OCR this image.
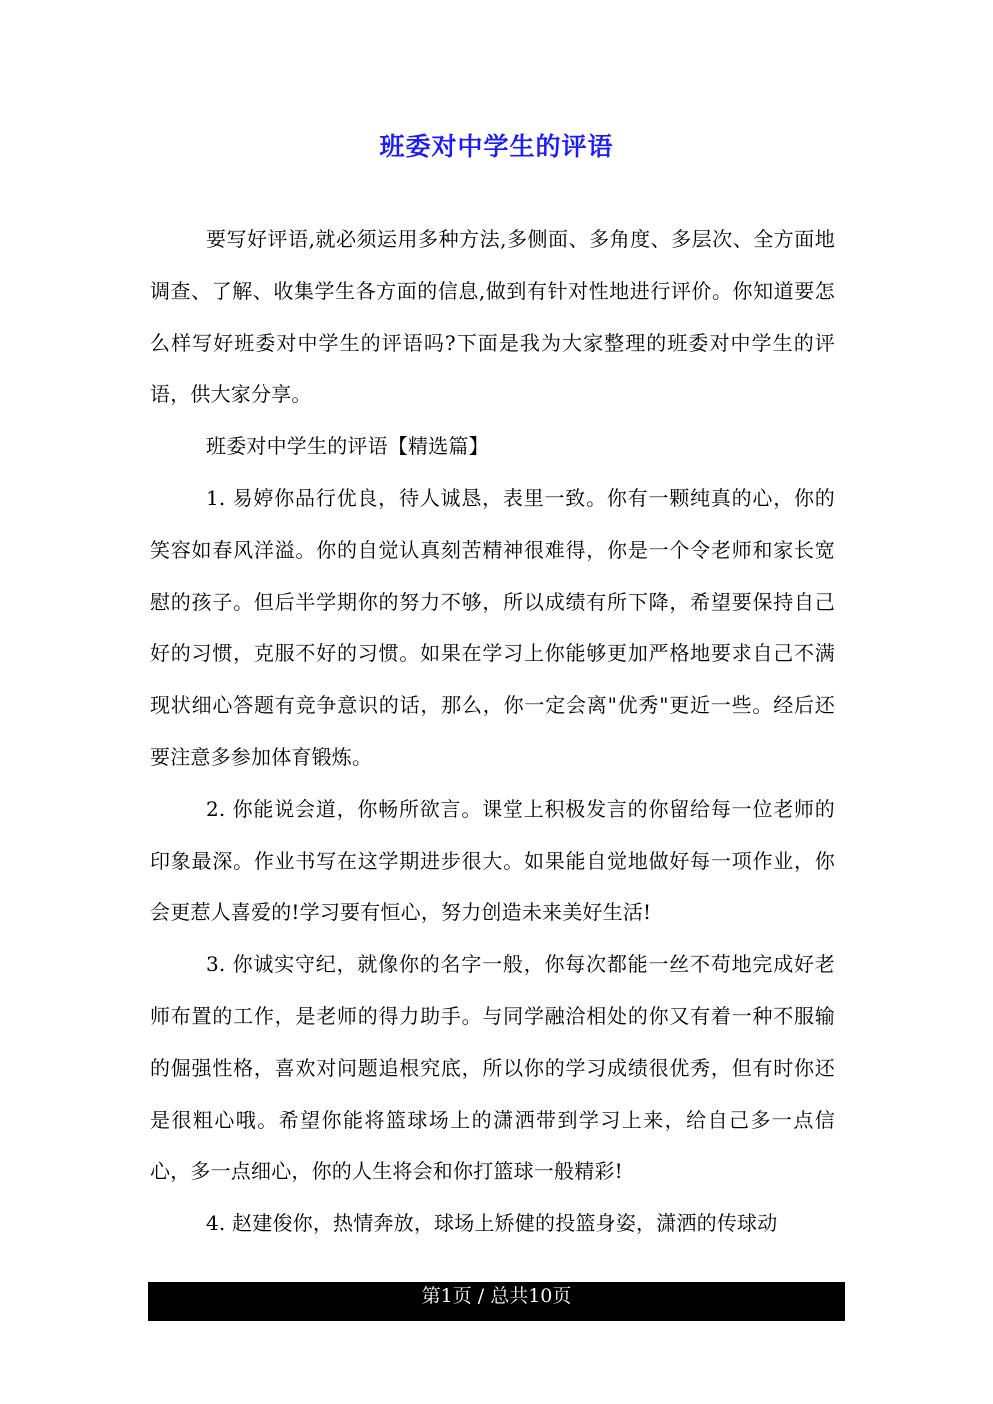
班委对中学生的评语

要写好评语,就必须运用多种方法,多侧面、多角度、多层次、全方面地调查、了解、收集学生各方面的信息,做到有针对性地进行评价。你知道要怎么样写好班委对中学生的评语吗?下面是我为大家整理的班委对中学生的评语，供大家分享。

班委对中学生的评语【精选篇】

1. 易婷你品行优良，待人诚恳，表里一致。你有一颗纯真的心，你的笑容如春风洋溢。你的自觉认真刻苦精神很难得，你是一个令老师和家长宽慰的孩子。但后半学期你的努力不够，所以成绩有所下降，希望要保持自己好的习惯，克服不好的习惯。如果在学习上你能够更加严格地要求自己不满现状细心答题有竞争意识的话，那么，你一定会离"优秀"更近一些。经后还要注意多参加体育锻炼。

2. 你能说会道，你畅所欲言。课堂上积极发言的你留给每一位老师的印象最深。作业书写在这学期进步很大。如果能自觉地做好每一项作业，你会更惹人喜爱的!学习要有恒心，努力创造未来美好生活!

3. 你诚实守纪，就像你的名字一般，你每次都能一丝不苟地完成好老师布置的工作，是老师的得力助手。与同学融洽相处的你又有着一种不服输的倔强性格，喜欢对问题追根究底，所以你的学习成绩很优秀，但有时你还是很粗心哦。希望你能将篮球场上的潇洒带到学习上来，给自己多一点信心，多一点细心，你的人生将会和你打篮球一般精彩!

4. 赵建俊你，热情奔放，球场上矫健的投篮身姿，潇洒的传球动

第1页 / 总共10页
